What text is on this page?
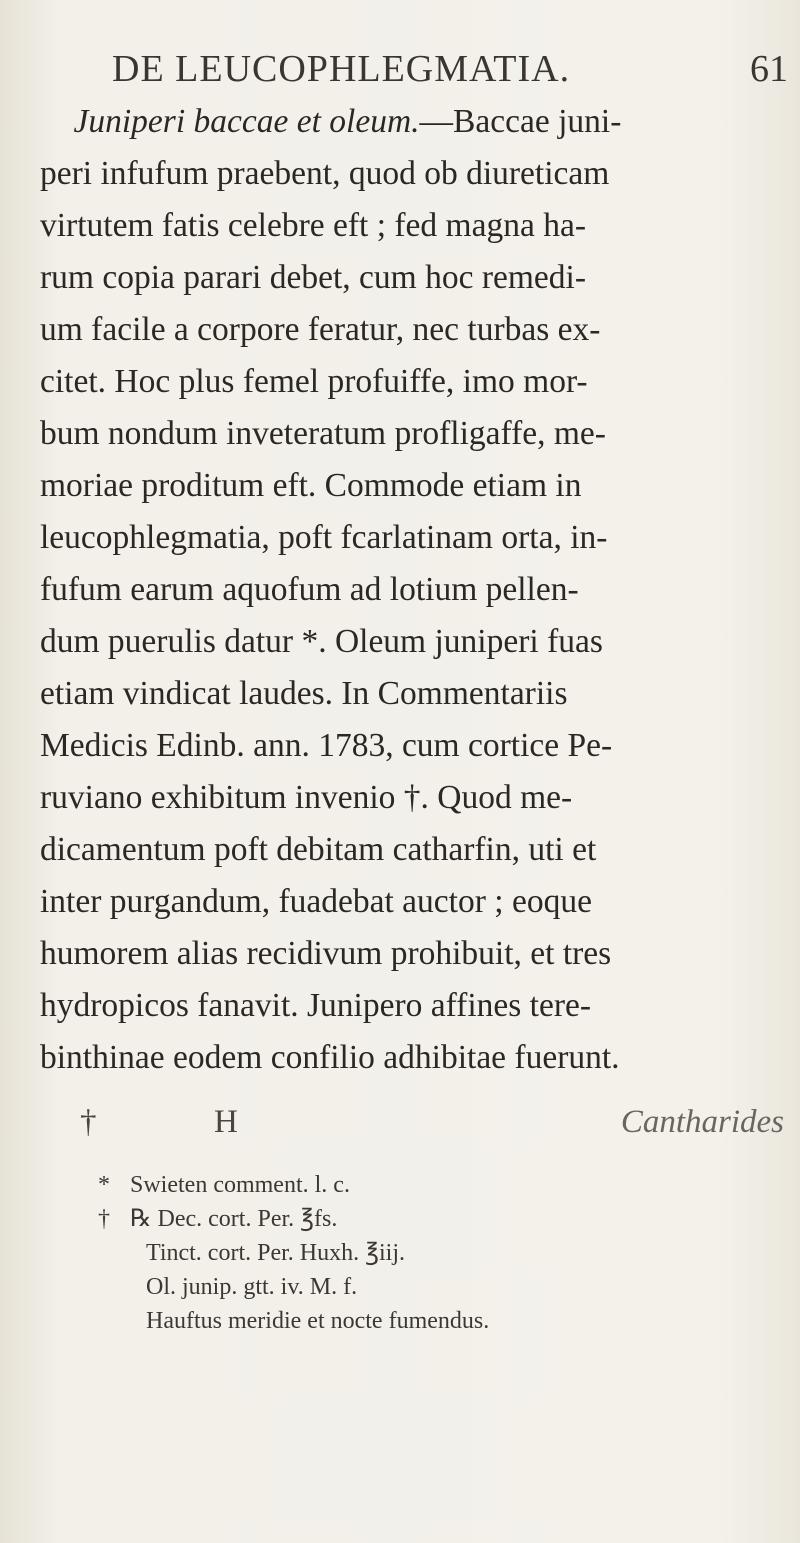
DE LEUCOPHLEGMATIA.	61
Juniperi baccae et oleum.—Baccae juni-
peri infufum praebent, quod ob diureticam
virtutem fatis celebre eft ; fed magna ha-
rum copia parari debet, cum hoc remedi-
um facile a corpore feratur, nec turbas ex-
citet. Hoc plus femel profuiffe, imo mor-
bum nondum inveteratum profligaffe, me-
moriae proditum eft. Commode etiam in
leucophlegmatia, poft fcarlatinam orta, in-
fufum earum aquofum ad lotium pellen-
dum puerulis datur *. Oleum juniperi fuas
etiam vindicat laudes. In Commentariis
Medicis Edinb. ann. 1783, cum cortice Pe-
ruviano exhibitum invenio †. Quod me-
dicamentum poft debitam catharfin, uti et
inter purgandum, fuadebat auctor ; eoque
humorem alias recidivum prohibuit, et tres
hydropicos fanavit. Junipero affines tere-
binthinae eodem confilio adhibitae fuerunt.
†	H	Cantharides
* Swieten comment. l. c.
† ℞ Dec. cort. Per. ℥fs.
Tinct. cort. Per. Huxh. ℥iij.
Ol. junip. gtt. iv. M. f.
Hauftus meridie et nocte fumendus.
